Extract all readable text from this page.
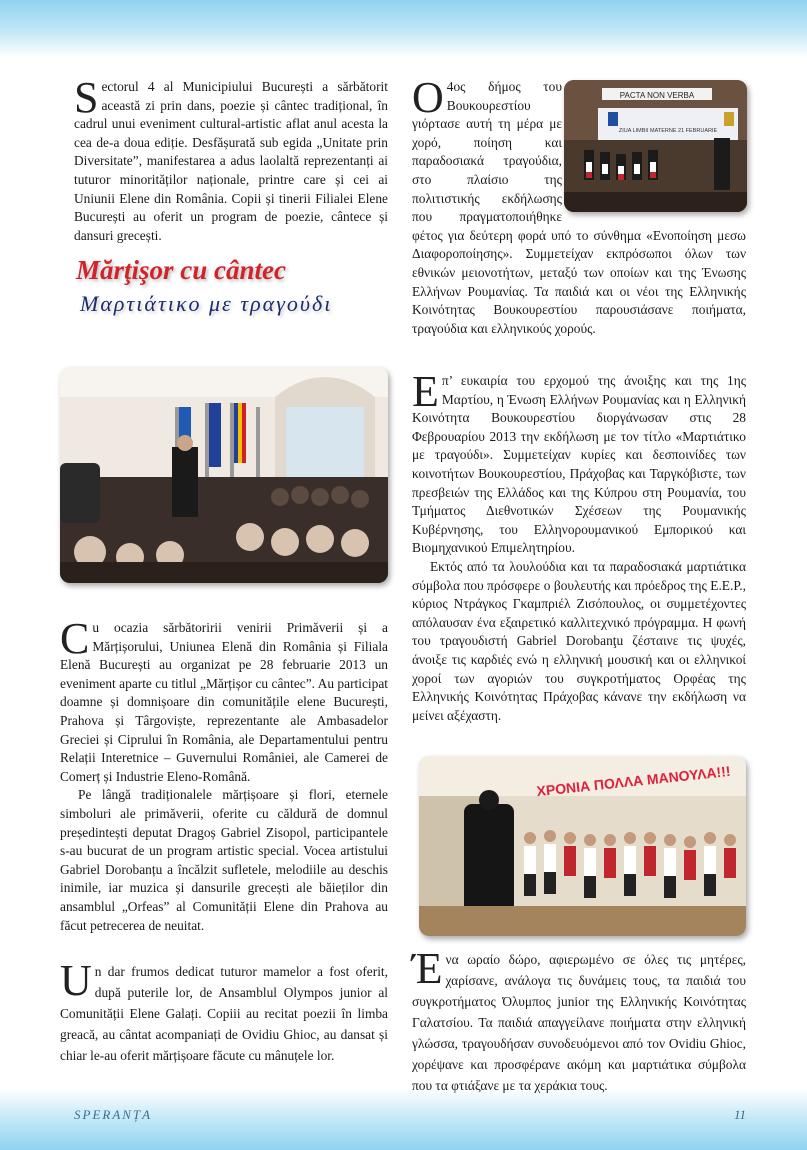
Sectorul 4 al Municipiului București a sărbătorit această zi prin dans, poezie și cântec tradițional, în cadrul unui eveniment cultural-artistic aflat anul acesta la cea de-a doua ediție. Desfășurată sub egida „Unitate prin Diversitate”, manifestarea a adus laolaltă reprezentanți ai tuturor minorităților naționale, printre care și cei ai Uniunii Elene din România. Copii și tinerii Filialei Elene București au oferit un program de poezie, cântece și dansuri grecești.

Mărţişor cu cântec
Μαρτιάτικο με τραγούδι

Ο 4ος δήμος του Βουκουρεστίου γιόρτασε αυτή τη μέρα με χορό, ποίηση και παραδοσιακά τραγούδια, στο πλαίσιο της πολιτιστικής εκδήλωσης που πραγματοποιήθηκε φέτος για δεύτερη φορά υπό το σύνθημα «Ενοποίηση μεσω Διαφοροποίησης». Συμμετείχαν εκπρόσωποι όλων των εθνικών μειονοτήτων, μεταξύ των οποίων και της Ένωσης Ελλήνων Ρουμανίας. Τα παιδιά και οι νέοι της Ελληνικής Κοινότητας Βουκουρεστίου παρουσιάσανε ποιήματα, τραγούδια και ελληνικούς χορούς.

PACTA NON VERBA
ZIUA LIMBII MATERNE 21 FEBRUARIE

Επ’ ευκαιρία του ερχομού της άνοιξης και της 1ης Μαρτίου, η Ένωση Ελλήνων Ρουμανίας και η Ελληνική Κοινότητα Βουκουρεστίου διοργάνωσαν στις 28 Φεβρουαρίου 2013 την εκδήλωση με τον τίτλο «Μαρτιάτικο με τραγούδι». Συμμετείχαν κυρίες και δεσποινίδες των κοινοτήτων Βουκουρεστίου, Πράχοβας και Ταργκόβιστε, των πρεσβειών της Ελλάδος και της Κύπρου στη Ρουμανία, του Τμήματος Διεθνοτικών Σχέσεων της Ρουμανικής Κυβέρνησης, του Ελληνορουμανικού Εμπορικού και Βιομηχανικού Επιμελητηρίου.

Εκτός από τα λουλούδια και τα παραδοσιακά μαρτιάτικα σύμβολα που πρόσφερε ο βουλευτής και πρόεδρος της Ε.Ε.Ρ., κύριος Ντράγκος Γκαμπριέλ Ζισόπουλος, οι συμμετέχοντες απόλαυσαν ένα εξαιρετικό καλλιτεχνικό πρόγραμμα. Η φωνή του τραγουδιστή Gabriel Dorobanţu ζέσταινε τις ψυχές, άνοιξε τις καρδιές ενώ η ελληνική μουσική και οι ελληνικοί χοροί των αγοριών του συγκροτήματος Ορφέας της Ελληνικής Κοινότητας Πράχοβας κάνανε την εκδήλωση να μείνει αξέχαστη.

Cu ocazia sărbătoririi venirii Primăverii și a Mărțișorului, Uniunea Elenă din România și Filiala Elenă București au organizat pe 28 februarie 2013 un eveniment aparte cu titlul „Mărțișor cu cântec”. Au participat doamne și domnișoare din comunitățile elene București, Prahova și Târgoviște, reprezentante ale Ambasadelor Greciei și Ciprului în România, ale Departamentului pentru Relații Interetnice – Guvernului României, ale Camerei de Comerț și Industrie Eleno-Română.

Pe lângă tradiționalele mărțișoare și flori, eternele simboluri ale primăverii, oferite cu căldură de domnul președintești deputat Dragoș Gabriel Zisopol, participantele s-au bucurat de un program artistic special. Vocea artistului Gabriel Dorobanțu a încălzit sufletele, melodiile au deschis inimile, iar muzica și dansurile grecești ale băieților din ansamblul „Orfeas” al Comunității Elene din Prahova au făcut petrecerea de neuitat.

ΧΡΟΝΙΑ ΠΟΛΛΑ ΜΑΝΟΥΛΑ!!!

Un dar frumos dedicat tuturor mamelor a fost oferit, după puterile lor, de Ansamblul Olympos junior al Comunității Elene Galați. Copiii au recitat poezii în limba greacă, au cântat acompaniați de Ovidiu Ghioc, au dansat și chiar le-au oferit mărțișoare făcute cu mânuțele lor.

Ένα ωραίο δώρο, αφιερωμένο σε όλες τις μητέρες, χαρίσανε, ανάλογα τις δυνάμεις τους, τα παιδιά του συγκροτήματος Όλυμπος junior της Ελληνικής Κοινότητας Γαλατσίου. Τα παιδιά απαγγείλανε ποιήματα στην ελληνική γλώσσα, τραγουδήσαν συνοδευόμενοι από τον Ovidiu Ghioc, χορέψανε και προσφέρανε ακόμη και μαρτιάτικα σύμβολα που τα φτιάξανε με τα χεράκια τους.

SPERANȚA	11
